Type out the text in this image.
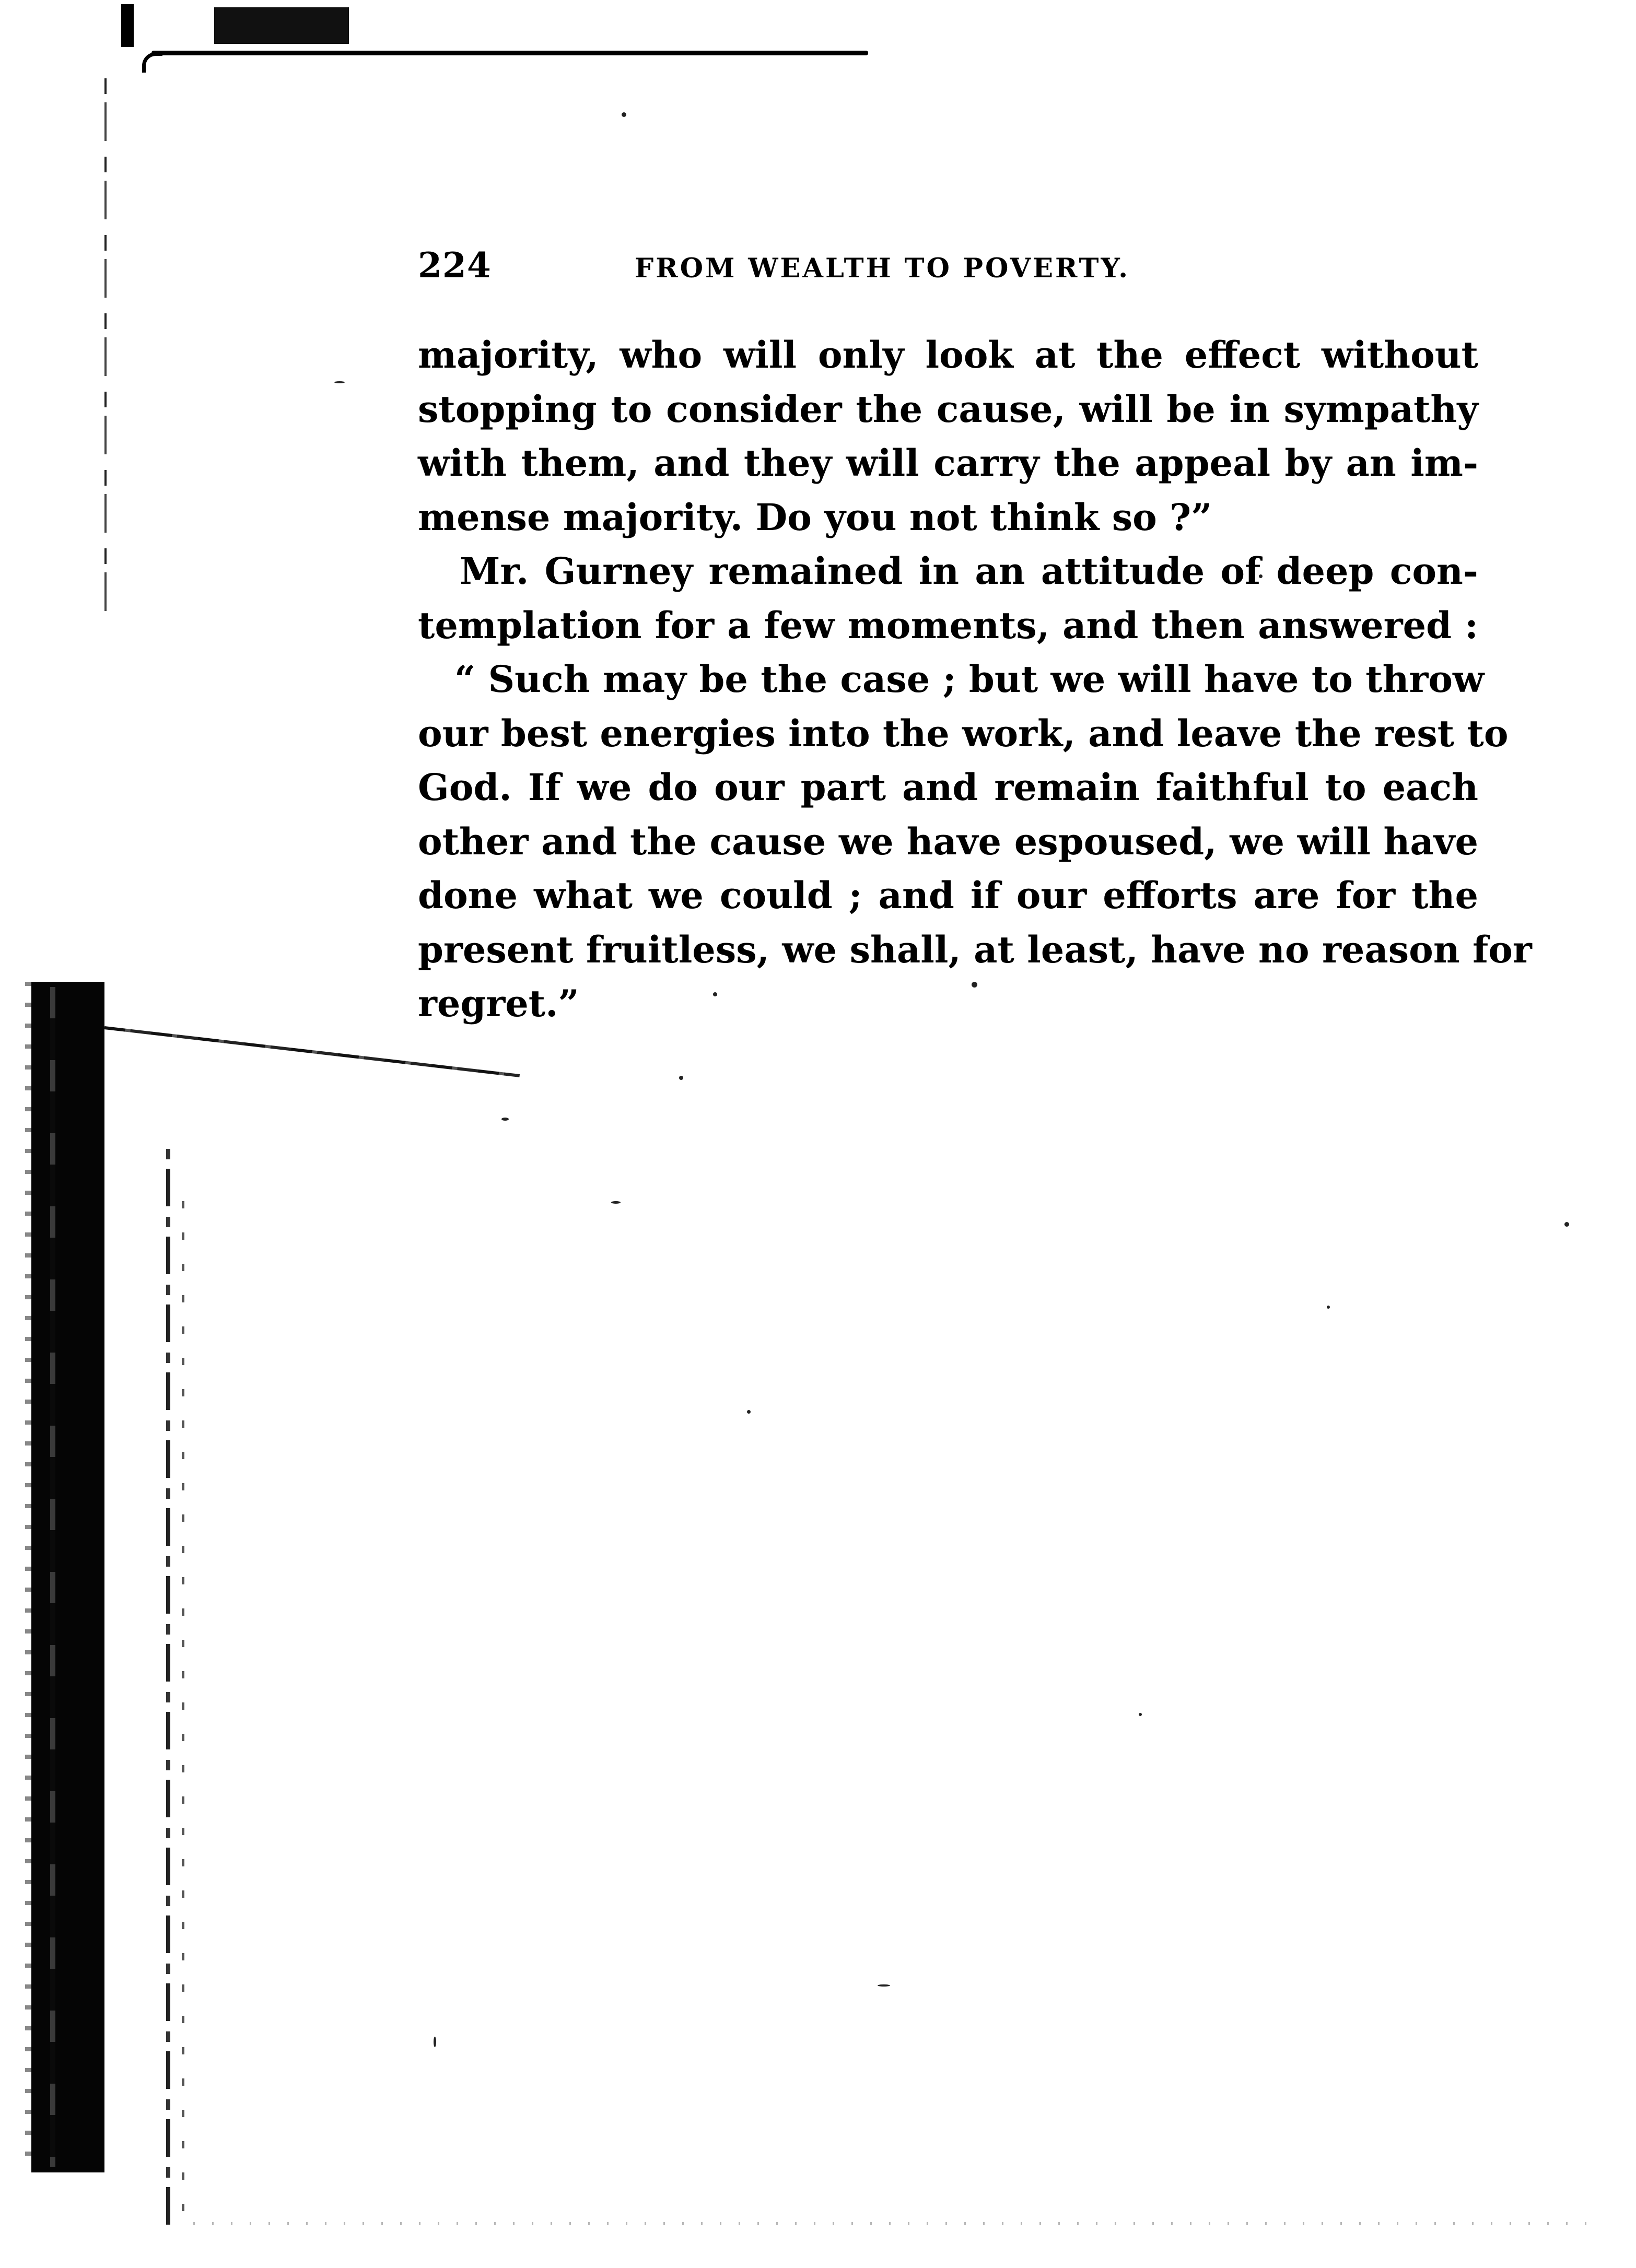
224	FROM WEALTH TO POVERTY.
majority, who will only look at the effect without
stopping to consider the cause, will be in sympathy
with them, and they will carry the appeal by an im-
mense majority. Do you not think so ?”
Mr. Gurney remained in an attitude of deep con-
templation for a few moments, and then answered :
“ Such may be the case ; but we will have to throw
our best energies into the work, and leave the rest to
God. If we do our part and remain faithful to each
other and the cause we have espoused, we will have
done what we could ; and if our efforts are for the
present fruitless, we shall, at least, have no reason for
regret.”
